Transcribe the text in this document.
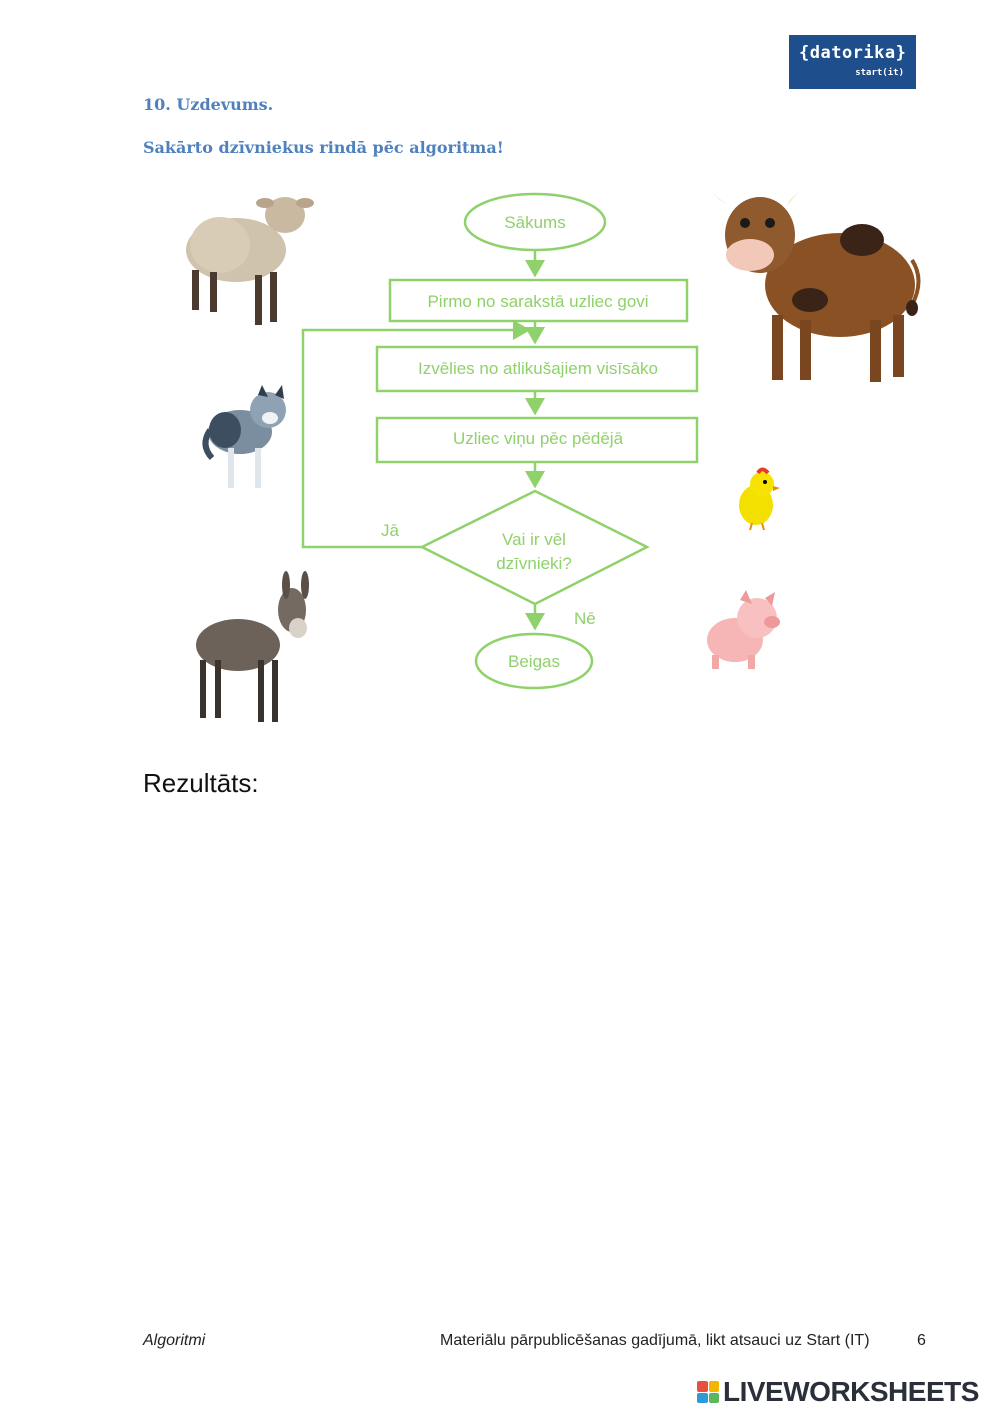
{datorika}
start(it)
10. Uzdevums.
Sakārto dzīvniekus rindā pēc algoritma!
Sākums
Pirmo no sarakstā uzliec govi
Izvēlies no atlikušajiem visīsāko
Uzliec viņu pēc pēdējā
Vai ir vēl
dzīvnieki?
Jā
Nē
Beigas
Rezultāts:
Algoritmi	Materiālu pārpublicēšanas gadījumā, likt atsauci uz Start (IT)	6
LIVEWORKSHEETS
